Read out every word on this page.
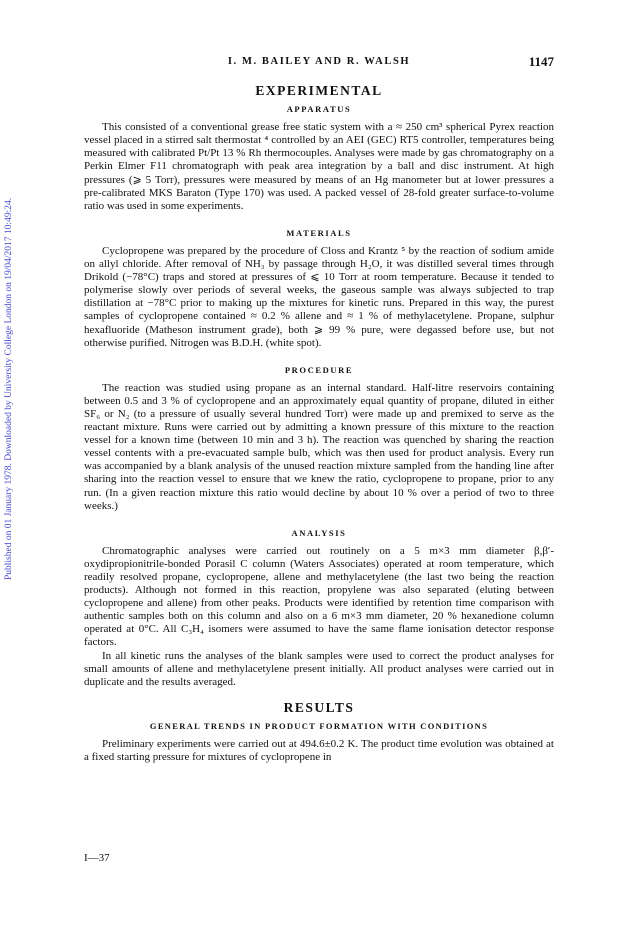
Published on 01 January 1978. Downloaded by University College London on 19/04/2017 10:49:24.
I. M. BAILEY AND R. WALSH	1147
EXPERIMENTAL
APPARATUS

This consisted of a conventional grease free static system with a ≈ 250 cm³ spherical Pyrex reaction vessel placed in a stirred salt thermostat ⁴ controlled by an AEI (GEC) RT5 controller, temperatures being measured with calibrated Pt/Pt 13 % Rh thermocouples. Analyses were made by gas chromatography on a Perkin Elmer F11 chromatograph with peak area integration by a ball and disc instrument. At high pressures (⩾ 5 Torr), pressures were measured by means of an Hg manometer but at lower pressures a pre-calibrated MKS Baraton (Type 170) was used. A packed vessel of 28-fold greater surface-to-volume ratio was used in some experiments.

MATERIALS

Cyclopropene was prepared by the procedure of Closs and Krantz ⁵ by the reaction of sodium amide on allyl chloride. After removal of NH₃ by passage through H₂O, it was distilled several times through Drikold (−78°C) traps and stored at pressures of ⩽ 10 Torr at room temperature. Because it tended to polymerise slowly over periods of several weeks, the gaseous sample was always subjected to trap distillation at −78°C prior to making up the mixtures for kinetic runs. Prepared in this way, the purest samples of cyclopropene contained ≈ 0.2 % allene and ≈ 1 % of methylacetylene. Propane, sulphur hexafluoride (Matheson instrument grade), both ⩾ 99 % pure, were degassed before use, but not otherwise purified. Nitrogen was B.D.H. (white spot).

PROCEDURE

The reaction was studied using propane as an internal standard. Half-litre reservoirs containing between 0.5 and 3 % of cyclopropene and an approximately equal quantity of propane, diluted in either SF₆ or N₂ (to a pressure of usually several hundred Torr) were made up and premixed to serve as the reactant mixture. Runs were carried out by admitting a known pressure of this mixture to the reaction vessel for a known time (between 10 min and 3 h). The reaction was quenched by sharing the reaction vessel contents with a pre-evacuated sample bulb, which was then used for product analysis. Every run was accompanied by a blank analysis of the unused reaction mixture sampled from the handing line after sharing into the reaction vessel to ensure that we knew the ratio, cyclopropene to propane, prior to any run. (In a given reaction mixture this ratio would decline by about 10 % over a period of two to three weeks.)

ANALYSIS

Chromatographic analyses were carried out routinely on a 5 m×3 mm diameter β,β′-oxydipropionitrile-bonded Porasil C column (Waters Associates) operated at room temperature, which readily resolved propane, cyclopropene, allene and methylacetylene (the last two being the reaction products). Although not formed in this reaction, propylene was also separated (eluting between cyclopropene and allene) from other peaks. Products were identified by retention time comparison with authentic samples both on this column and also on a 6 m×3 mm diameter, 20 % hexanedione column operated at 0°C. All C₃H₄ isomers were assumed to have the same flame ionisation detector response factors.

In all kinetic runs the analyses of the blank samples were used to correct the product analyses for small amounts of allene and methylacetylene present initially. All product analyses were carried out in duplicate and the results averaged.

RESULTS
GENERAL TRENDS IN PRODUCT FORMATION WITH CONDITIONS

Preliminary experiments were carried out at 494.6±0.2 K. The product time evolution was obtained at a fixed starting pressure for mixtures of cyclopropene in

I—37
